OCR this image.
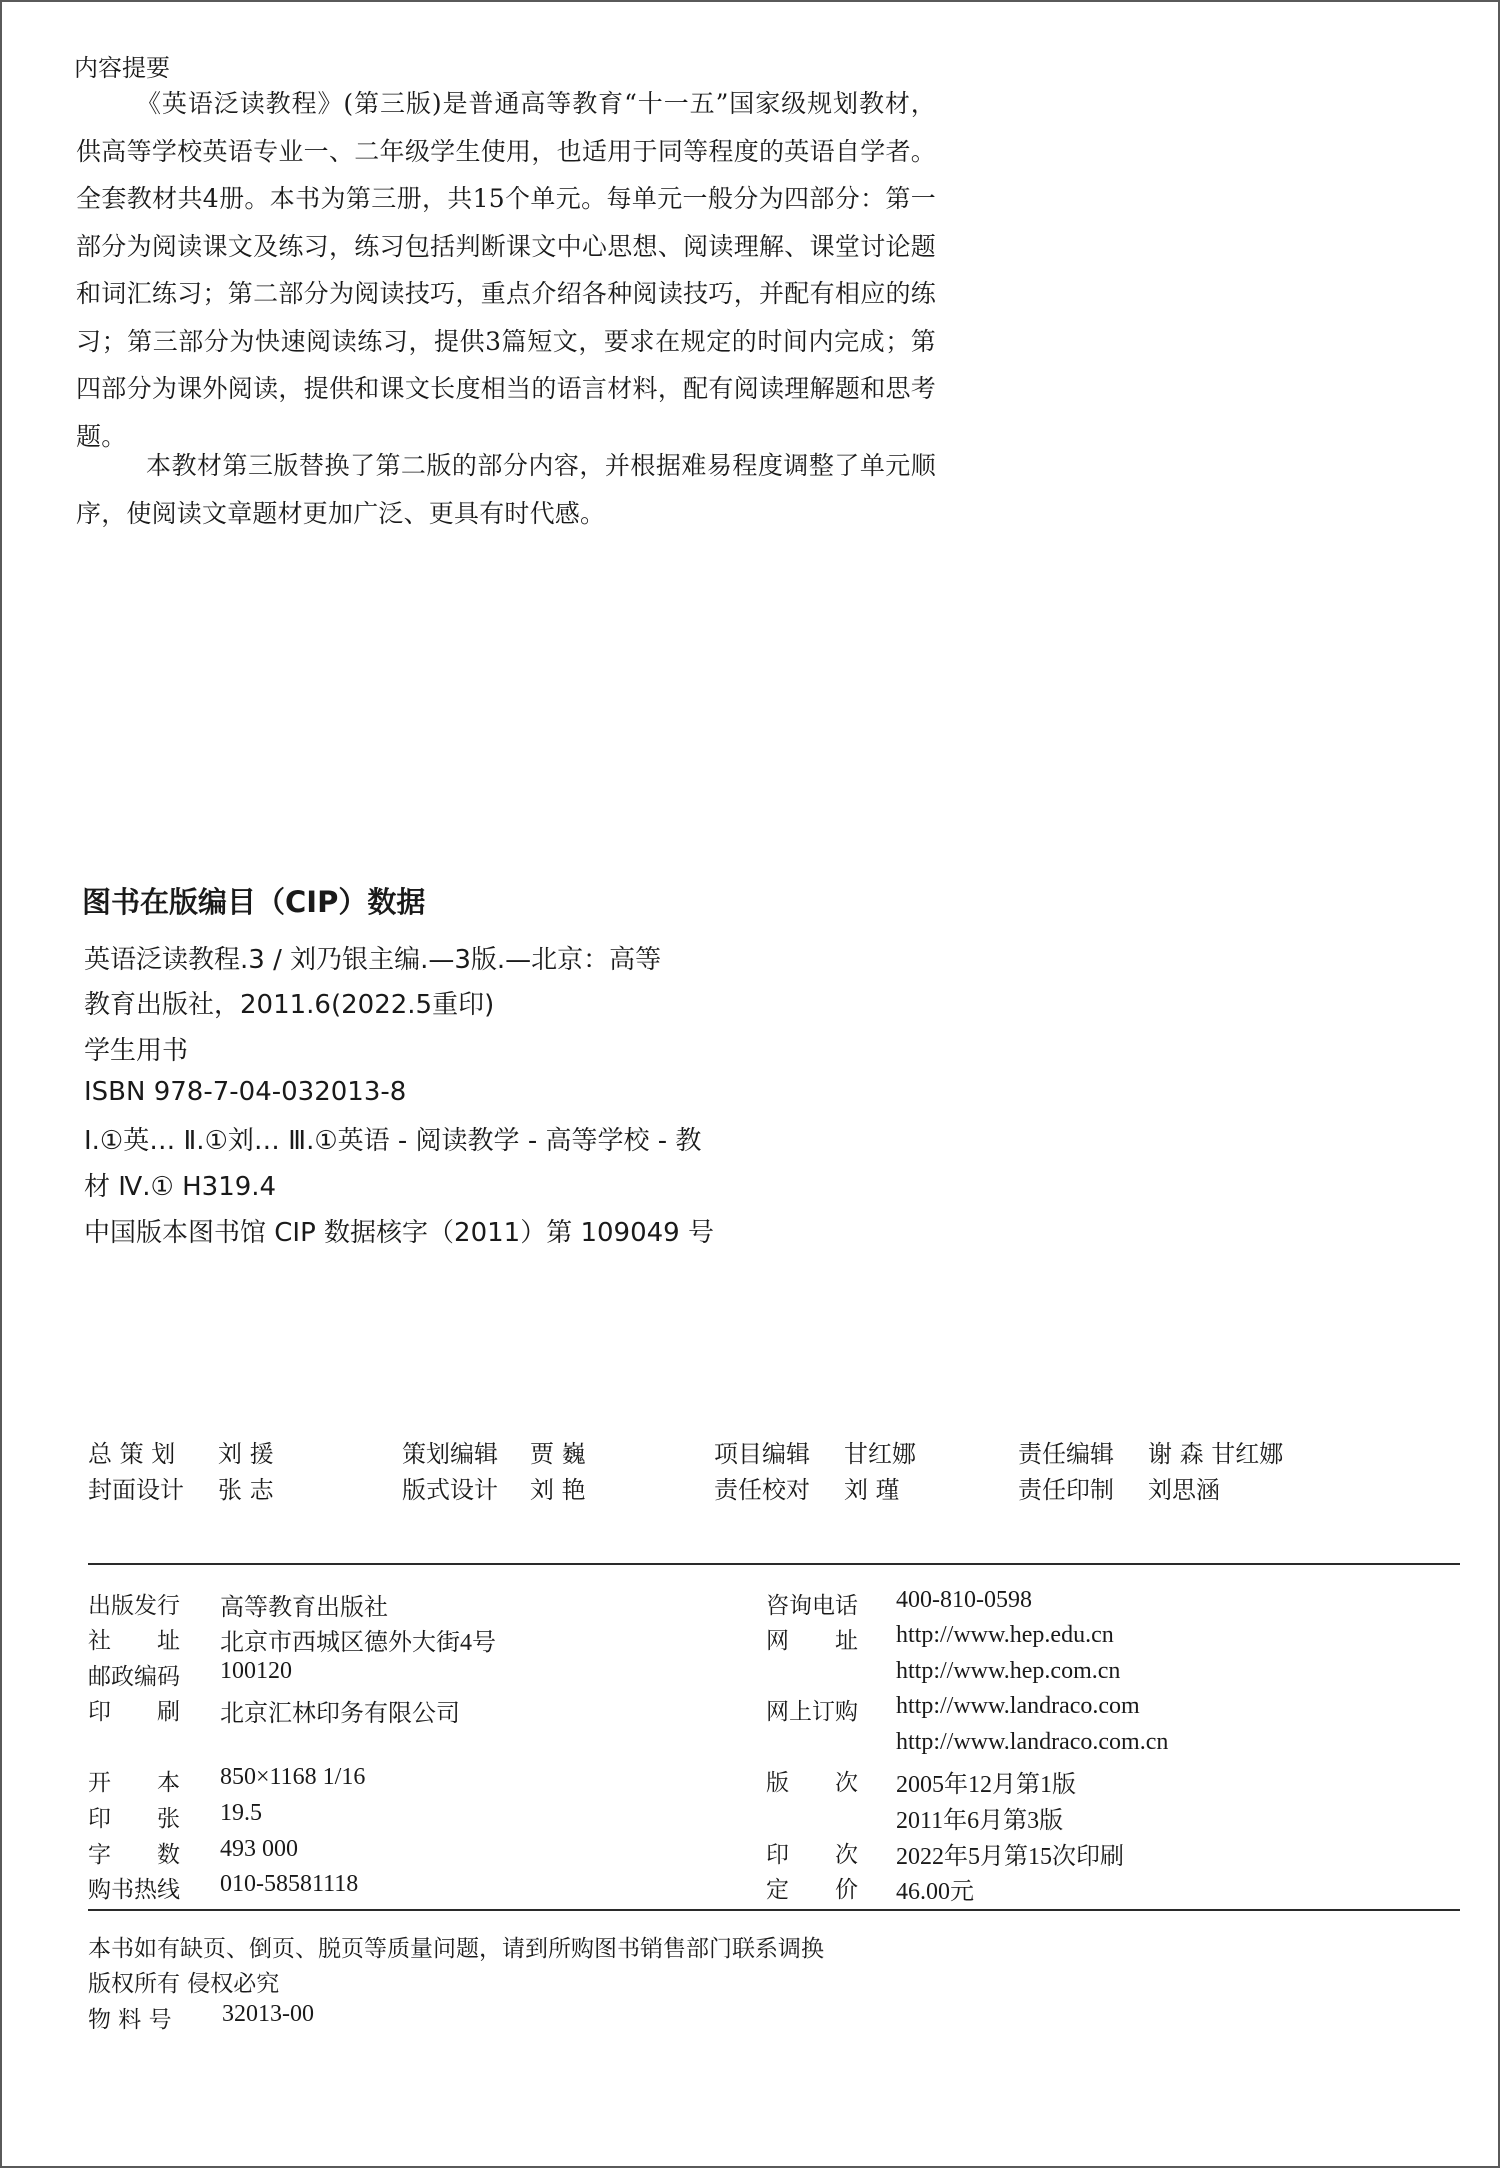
内容提要
《英语泛读教程》(第三版)是普通高等教育“十一五”国家级规划教材，供高等学校英语专业一、二年级学生使用，也适用于同等程度的英语自学者。全套教材共4册。本书为第三册，共15个单元。每单元一般分为四部分：第一部分为阅读课文及练习，练习包括判断课文中心思想、阅读理解、课堂讨论题和词汇练习；第二部分为阅读技巧，重点介绍各种阅读技巧，并配有相应的练习；第三部分为快速阅读练习，提供3篇短文，要求在规定的时间内完成；第四部分为课外阅读，提供和课文长度相当的语言材料，配有阅读理解题和思考题。
本教材第三版替换了第二版的部分内容，并根据难易程度调整了单元顺序，使阅读文章题材更加广泛、更具有时代感。
图书在版编目（CIP）数据
英语泛读教程.3 / 刘乃银主编.—3版.—北京：高等
教育出版社，2011.6(2022.5重印)
学生用书
ISBN 978-7-04-032013-8
Ⅰ.①英… Ⅱ.①刘… Ⅲ.①英语 - 阅读教学 - 高等学校 - 教
材 Ⅳ.① H319.4
中国版本图书馆 CIP 数据核字（2011）第 109049 号
总 策 划 刘 援	策划编辑 贾 巍	项目编辑 甘红娜	责任编辑 谢 森 甘红娜
封面设计 张 志	版式设计 刘 艳	责任校对 刘 瑾	责任印制 刘思涵
出版发行 高等教育出版社
社　　址 北京市西城区德外大街4号
邮政编码 100120
印　　刷 北京汇林印务有限公司
开　　本 850×1168 1/16
印　　张 19.5
字　　数 493 000
购书热线 010-58581118
咨询电话 400-810-0598
网　　址 http://www.hep.edu.cn
http://www.hep.com.cn
网上订购 http://www.landraco.com
http://www.landraco.com.cn
版　　次 2005年12月第1版
2011年6月第3版
印　　次 2022年5月第15次印刷
定　　价 46.00元
本书如有缺页、倒页、脱页等质量问题，请到所购图书销售部门联系调换
版权所有 侵权必究
物 料 号 32013-00
